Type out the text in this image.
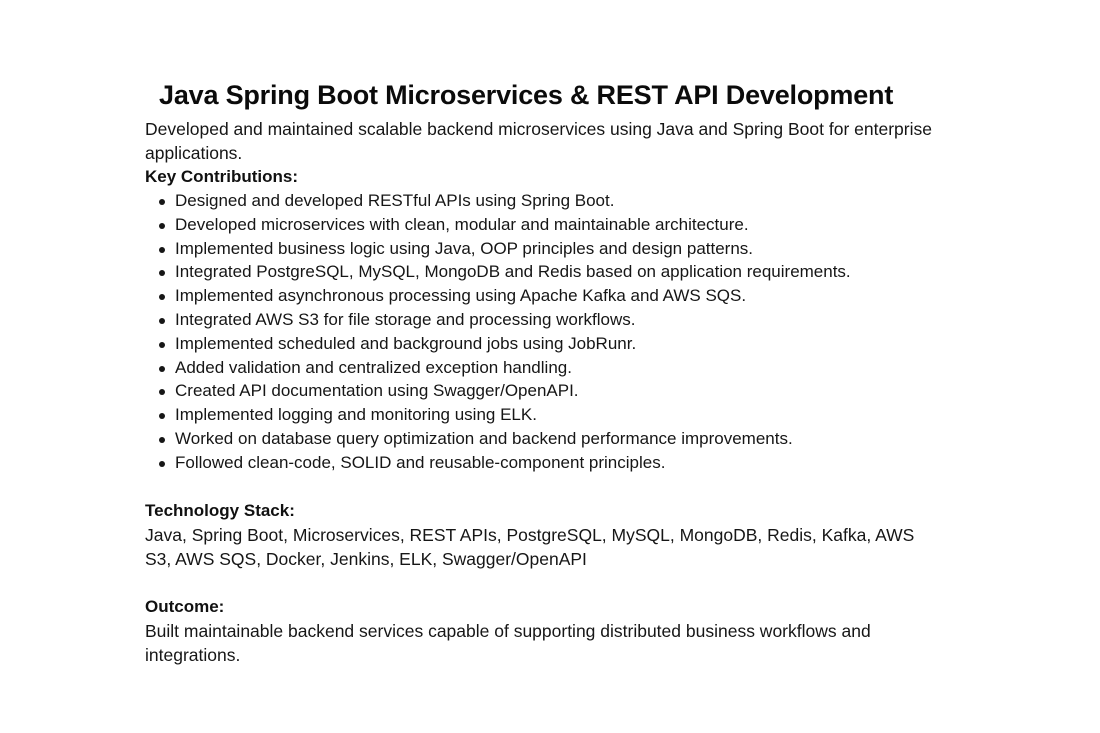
Java Spring Boot Microservices & REST API Development

Developed and maintained scalable backend microservices using Java and Spring Boot for enterprise applications.

Key Contributions:
Designed and developed RESTful APIs using Spring Boot.
Developed microservices with clean, modular and maintainable architecture.
Implemented business logic using Java, OOP principles and design patterns.
Integrated PostgreSQL, MySQL, MongoDB and Redis based on application requirements.
Implemented asynchronous processing using Apache Kafka and AWS SQS.
Integrated AWS S3 for file storage and processing workflows.
Implemented scheduled and background jobs using JobRunr.
Added validation and centralized exception handling.
Created API documentation using Swagger/OpenAPI.
Implemented logging and monitoring using ELK.
Worked on database query optimization and backend performance improvements.
Followed clean-code, SOLID and reusable-component principles.
Technology Stack:

Java, Spring Boot, Microservices, REST APIs, PostgreSQL, MySQL, MongoDB, Redis, Kafka, AWS S3, AWS SQS, Docker, Jenkins, ELK, Swagger/OpenAPI

Outcome:

Built maintainable backend services capable of supporting distributed business workflows and integrations.
